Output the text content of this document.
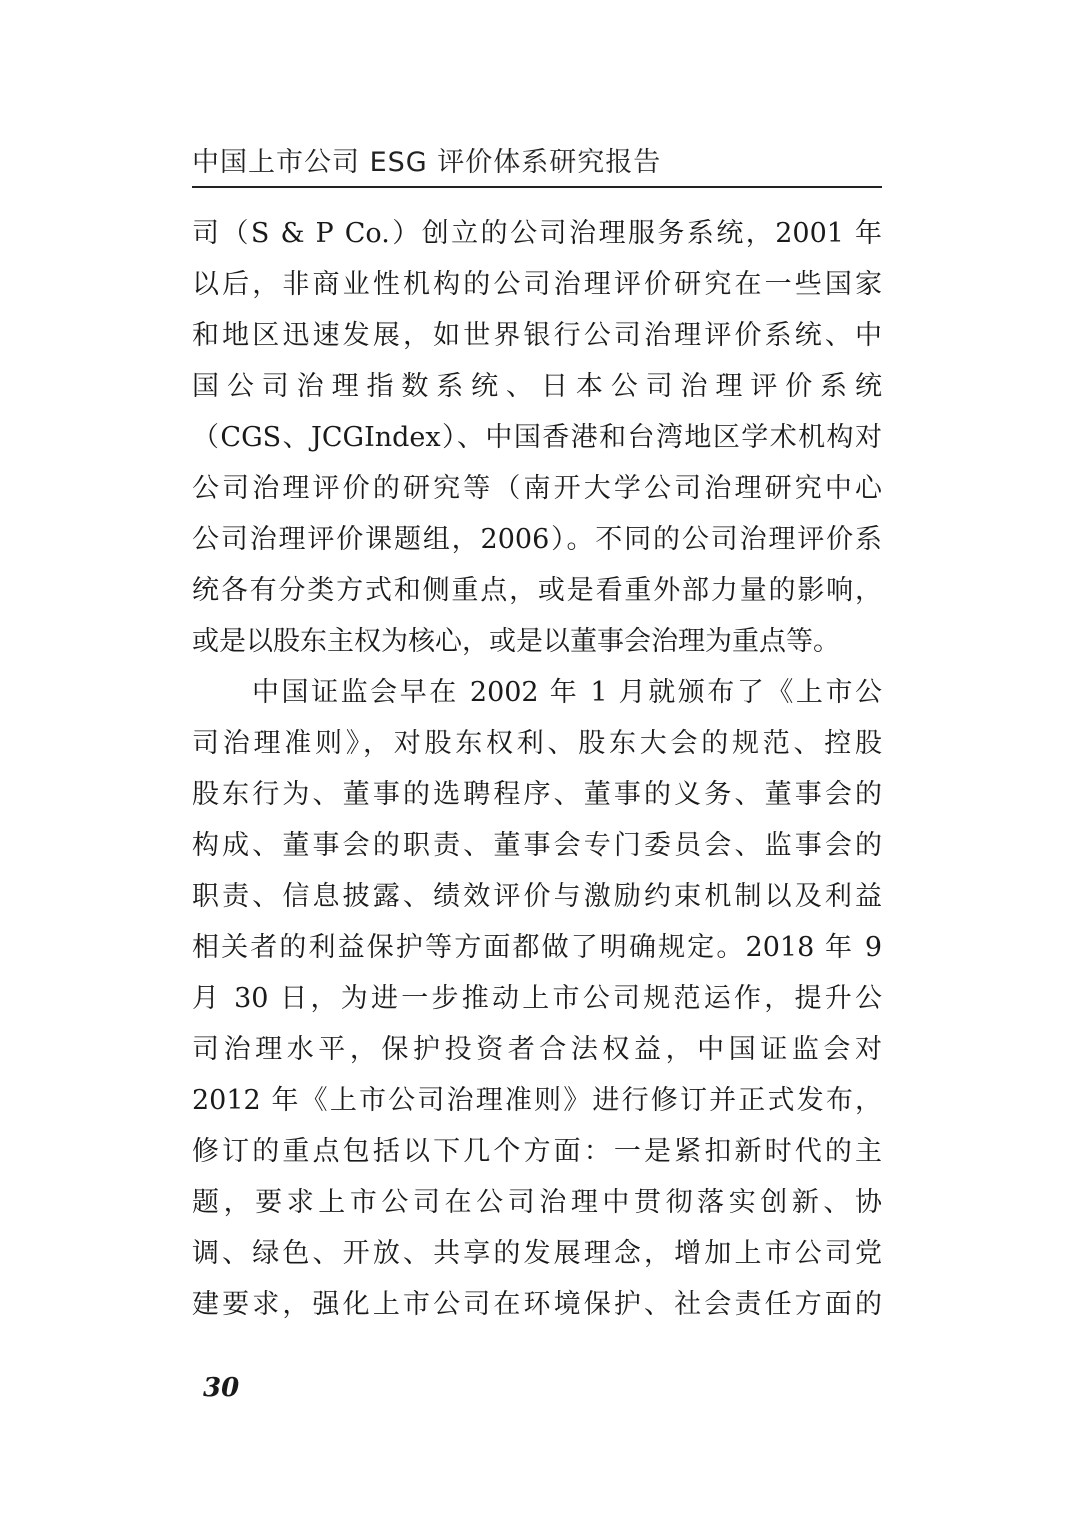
中国上市公司 ESG 评价体系研究报告
司（S & P Co.）创立的公司治理服务系统，2001 年
以后，非商业性机构的公司治理评价研究在一些国家
和地区迅速发展，如世界银行公司治理评价系统、中
国公司治理指数系统、日本公司治理评价系统
（CGS、JCGIndex）、中国香港和台湾地区学术机构对
公司治理评价的研究等（南开大学公司治理研究中心
公司治理评价课题组，2006）。不同的公司治理评价系
统各有分类方式和侧重点，或是看重外部力量的影响，
或是以股东主权为核心，或是以董事会治理为重点等。
中国证监会早在 2002 年 1 月就颁布了《上市公
司治理准则》，对股东权利、股东大会的规范、控股
股东行为、董事的选聘程序、董事的义务、董事会的
构成、董事会的职责、董事会专门委员会、监事会的
职责、信息披露、绩效评价与激励约束机制以及利益
相关者的利益保护等方面都做了明确规定。2018 年 9
月 30 日，为进一步推动上市公司规范运作，提升公
司治理水平，保护投资者合法权益，中国证监会对
2012 年《上市公司治理准则》进行修订并正式发布，
修订的重点包括以下几个方面：一是紧扣新时代的主
题，要求上市公司在公司治理中贯彻落实创新、协
调、绿色、开放、共享的发展理念，增加上市公司党
建要求，强化上市公司在环境保护、社会责任方面的
30
